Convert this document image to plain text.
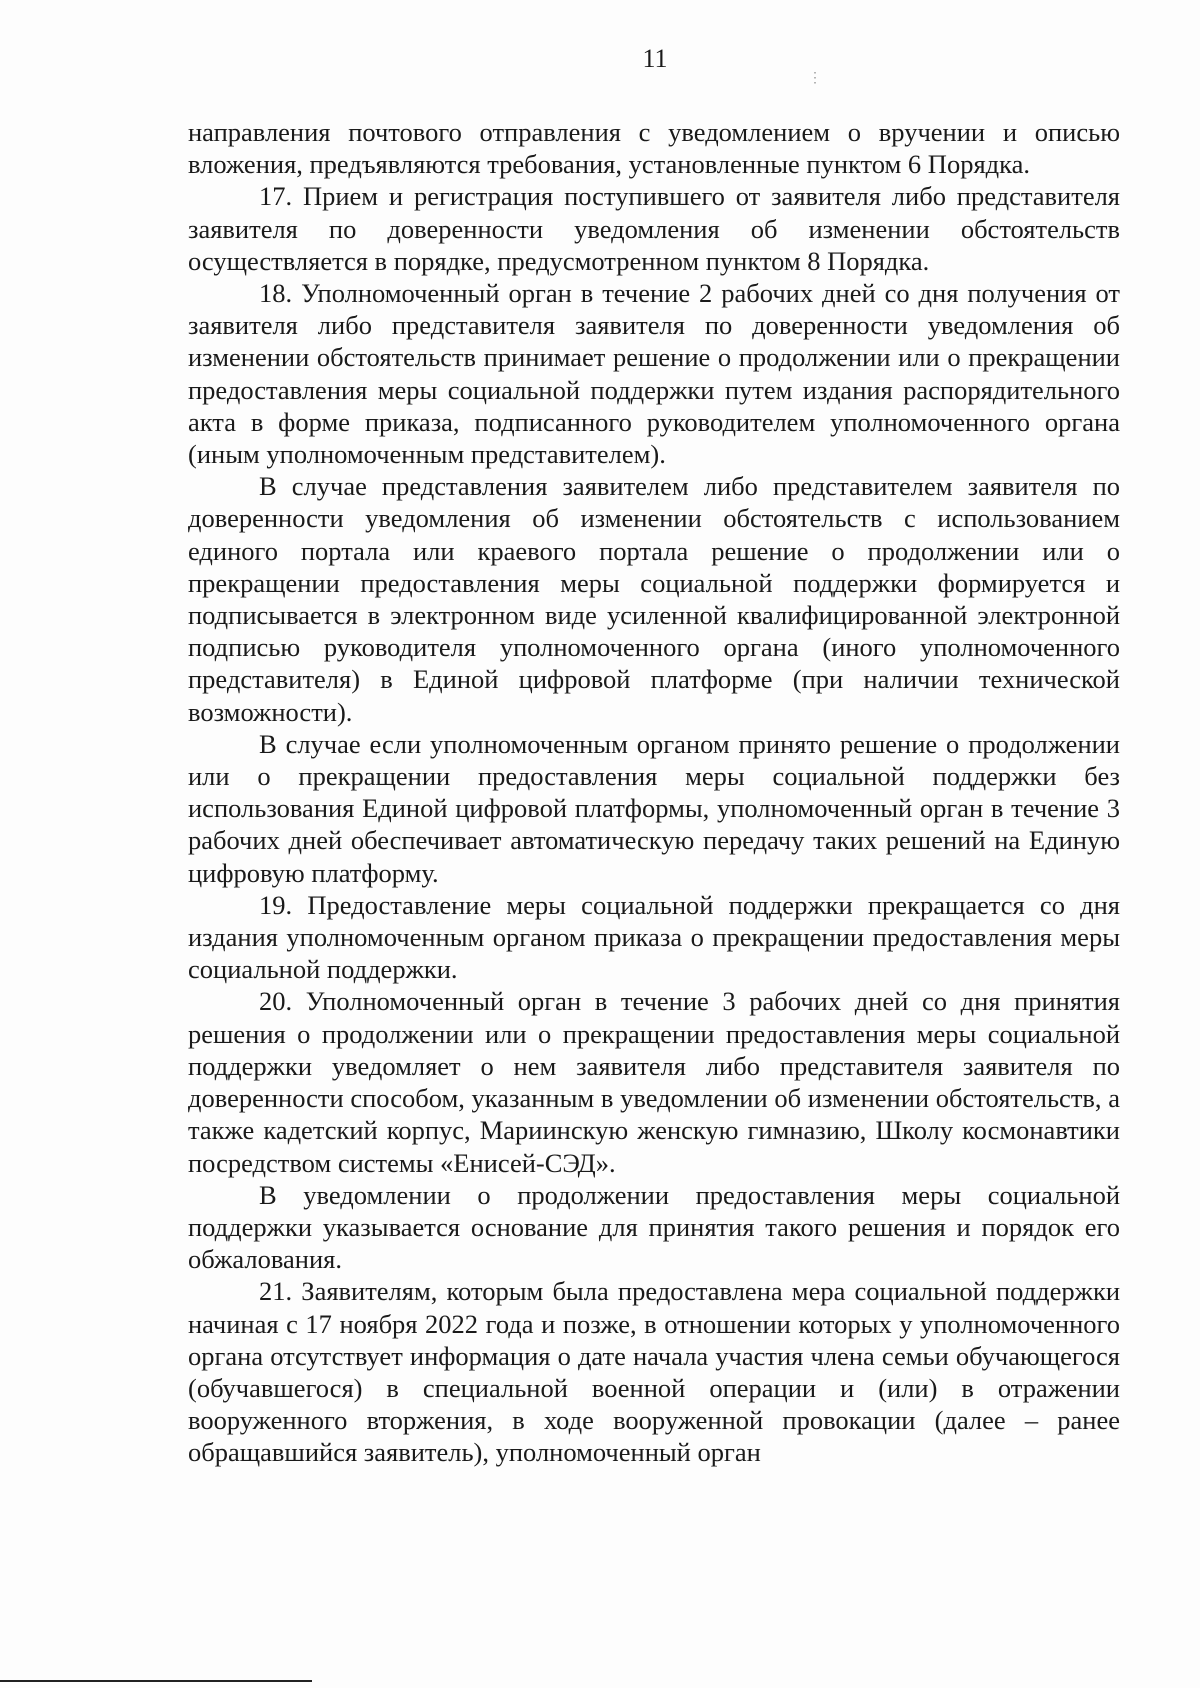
11
⋮

направления почтового отправления с уведомлением о вручении и описью вложения, предъявляются требования, установленные пунктом 6 Порядка.

17. Прием и регистрация поступившего от заявителя либо представителя заявителя по доверенности уведомления об изменении обстоятельств осуществляется в порядке, предусмотренном пунктом 8 Порядка.

18. Уполномоченный орган в течение 2 рабочих дней со дня получения от заявителя либо представителя заявителя по доверенности уведомления об изменении обстоятельств принимает решение о продолжении или о прекращении предоставления меры социальной поддержки путем издания распорядительного акта в форме приказа, подписанного руководителем уполномоченного органа (иным уполномоченным представителем).

В случае представления заявителем либо представителем заявителя по доверенности уведомления об изменении обстоятельств с использованием единого портала или краевого портала решение о продолжении или о прекращении предоставления меры социальной поддержки формируется и подписывается в электронном виде усиленной квалифицированной электронной подписью руководителя уполномоченного органа (иного уполномоченного представителя) в Единой цифровой платформе (при наличии технической возможности).

В случае если уполномоченным органом принято решение о продолжении или о прекращении предоставления меры социальной поддержки без использования Единой цифровой платформы, уполномоченный орган в течение 3 рабочих дней обеспечивает автоматическую передачу таких решений на Единую цифровую платформу.

19. Предоставление меры социальной поддержки прекращается со дня издания уполномоченным органом приказа о прекращении предоставления меры социальной поддержки.

20. Уполномоченный орган в течение 3 рабочих дней со дня принятия решения о продолжении или о прекращении предоставления меры социальной поддержки уведомляет о нем заявителя либо представителя заявителя по доверенности способом, указанным в уведомлении об изменении обстоятельств, а также кадетский корпус, Мариинскую женскую гимназию, Школу космонавтики посредством системы «Енисей-СЭД».

В уведомлении о продолжении предоставления меры социальной поддержки указывается основание для принятия такого решения и порядок его обжалования.

21. Заявителям, которым была предоставлена мера социальной поддержки начиная с 17 ноября 2022 года и позже, в отношении которых у уполномоченного органа отсутствует информация о дате начала участия члена семьи обучающегося (обучавшегося) в специальной военной операции и (или) в отражении вооруженного вторжения, в ходе вооруженной провокации (далее – ранее обращавшийся заявитель), уполномоченный орган
